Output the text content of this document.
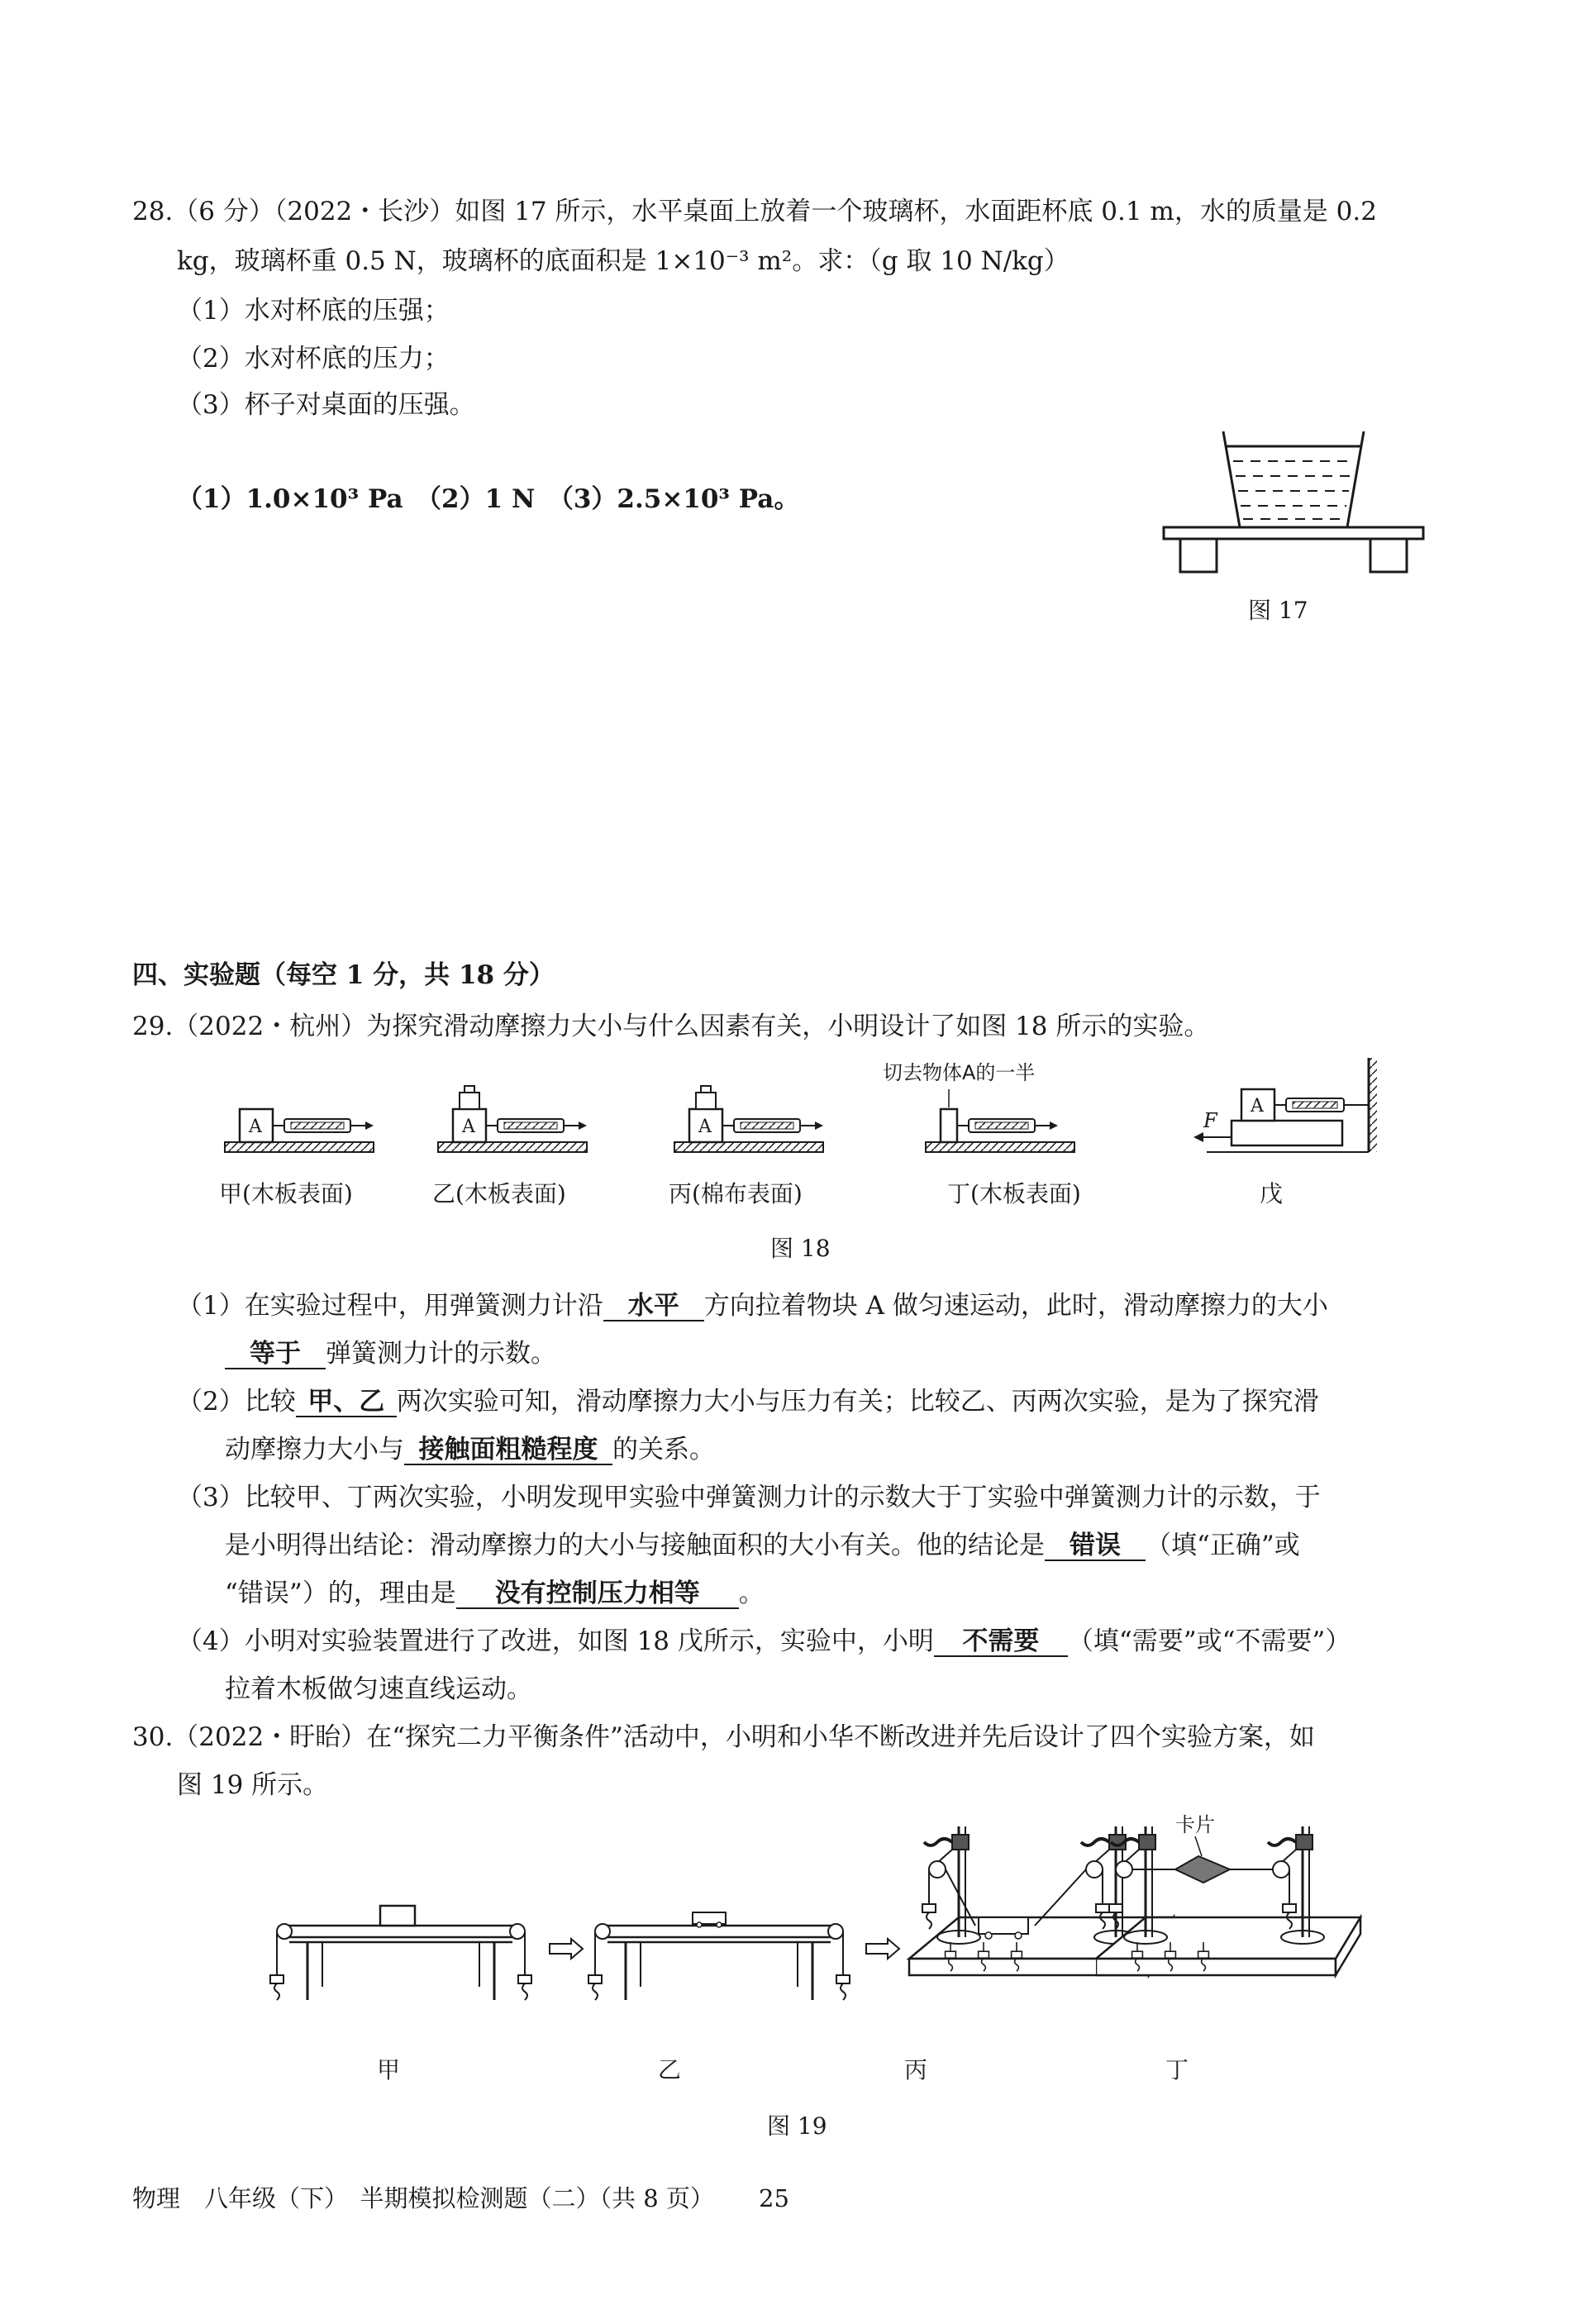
28.（6 分）（2022・长沙）如图 17 所示，水平桌面上放着一个玻璃杯，水面距杯底 0.1 m，水的质量是 0.2
kg，玻璃杯重 0.5 N，玻璃杯的底面积是 1×10⁻³ m²。求：（g 取 10 N/kg）
（1）水对杯底的压强；
（2）水对杯底的压力；
（3）杯子对桌面的压强。
（1）1.0×10³ Pa　（2）1 N　（3）2.5×10³ Pa。
图 17
四、实验题（每空 1 分，共 18 分）
29.（2022・杭州）为探究滑动摩擦力大小与什么因素有关，小明设计了如图 18 所示的实验。
A	A	A
切去物体A的一半
A
F
甲(木板表面)	乙(木板表面)	丙(棉布表面)	丁(木板表面)	戊
图 18
（1）在实验过程中，用弹簧测力计沿 水平 方向拉着物块 A 做匀速运动，此时，滑动摩擦力的大小
等于 弹簧测力计的示数。
（2）比较 甲、乙 两次实验可知，滑动摩擦力大小与压力有关；比较乙、丙两次实验，是为了探究滑
动摩擦力大小与 接触面粗糙程度 的关系。
（3）比较甲、丁两次实验，小明发现甲实验中弹簧测力计的示数大于丁实验中弹簧测力计的示数，于
是小明得出结论：滑动摩擦力的大小与接触面积的大小有关。他的结论是 错误 （填“正确”或
“错误”）的，理由是 没有控制压力相等 。
（4）小明对实验装置进行了改进，如图 18 戊所示，实验中，小明 不需要 （填“需要”或“不需要”）
拉着木板做匀速直线运动。
30.（2022・盱眙）在“探究二力平衡条件”活动中，小明和小华不断改进并先后设计了四个实验方案，如
图 19 所示。
卡片
甲	乙	丙	丁
图 19
物理　八年级（下）　半期模拟检测题（二）（共 8 页） 25
